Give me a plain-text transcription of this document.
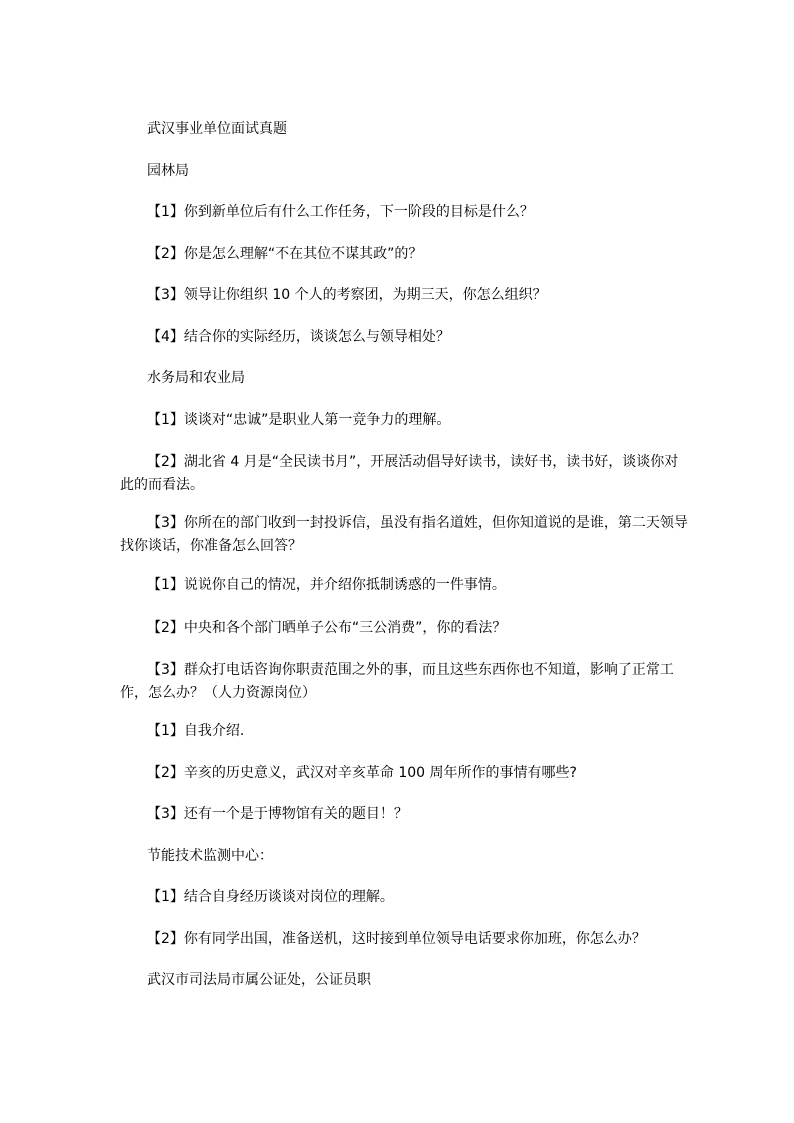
武汉事业单位面试真题
园林局
【1】你到新单位后有什么工作任务，下一阶段的目标是什么？
【2】你是怎么理解“不在其位不谋其政”的？
【3】领导让你组织 10 个人的考察团，为期三天，你怎么组织？
【4】结合你的实际经历，谈谈怎么与领导相处？
水务局和农业局
【1】谈谈对“忠诚”是职业人第一竞争力的理解。
【2】湖北省 4 月是“全民读书月”，开展活动倡导好读书，读好书，读书好，谈谈你对此的而看法。
【3】你所在的部门收到一封投诉信，虽没有指名道姓，但你知道说的是谁，第二天领导找你谈话，你准备怎么回答？
【1】说说你自己的情况，并介绍你抵制诱惑的一件事情。
【2】中央和各个部门晒单子公布“三公消费”，你的看法？
【3】群众打电话咨询你职责范围之外的事，而且这些东西你也不知道，影响了正常工作，怎么办？（人力资源岗位）
【1】自我介绍.
【2】辛亥的历史意义，武汉对辛亥革命 100 周年所作的事情有哪些?
【3】还有一个是于博物馆有关的题目！？
节能技术监测中心：
【1】结合自身经历谈谈对岗位的理解。
【2】你有同学出国，准备送机，这时接到单位领导电话要求你加班，你怎么办？
武汉市司法局市属公证处，公证员职
